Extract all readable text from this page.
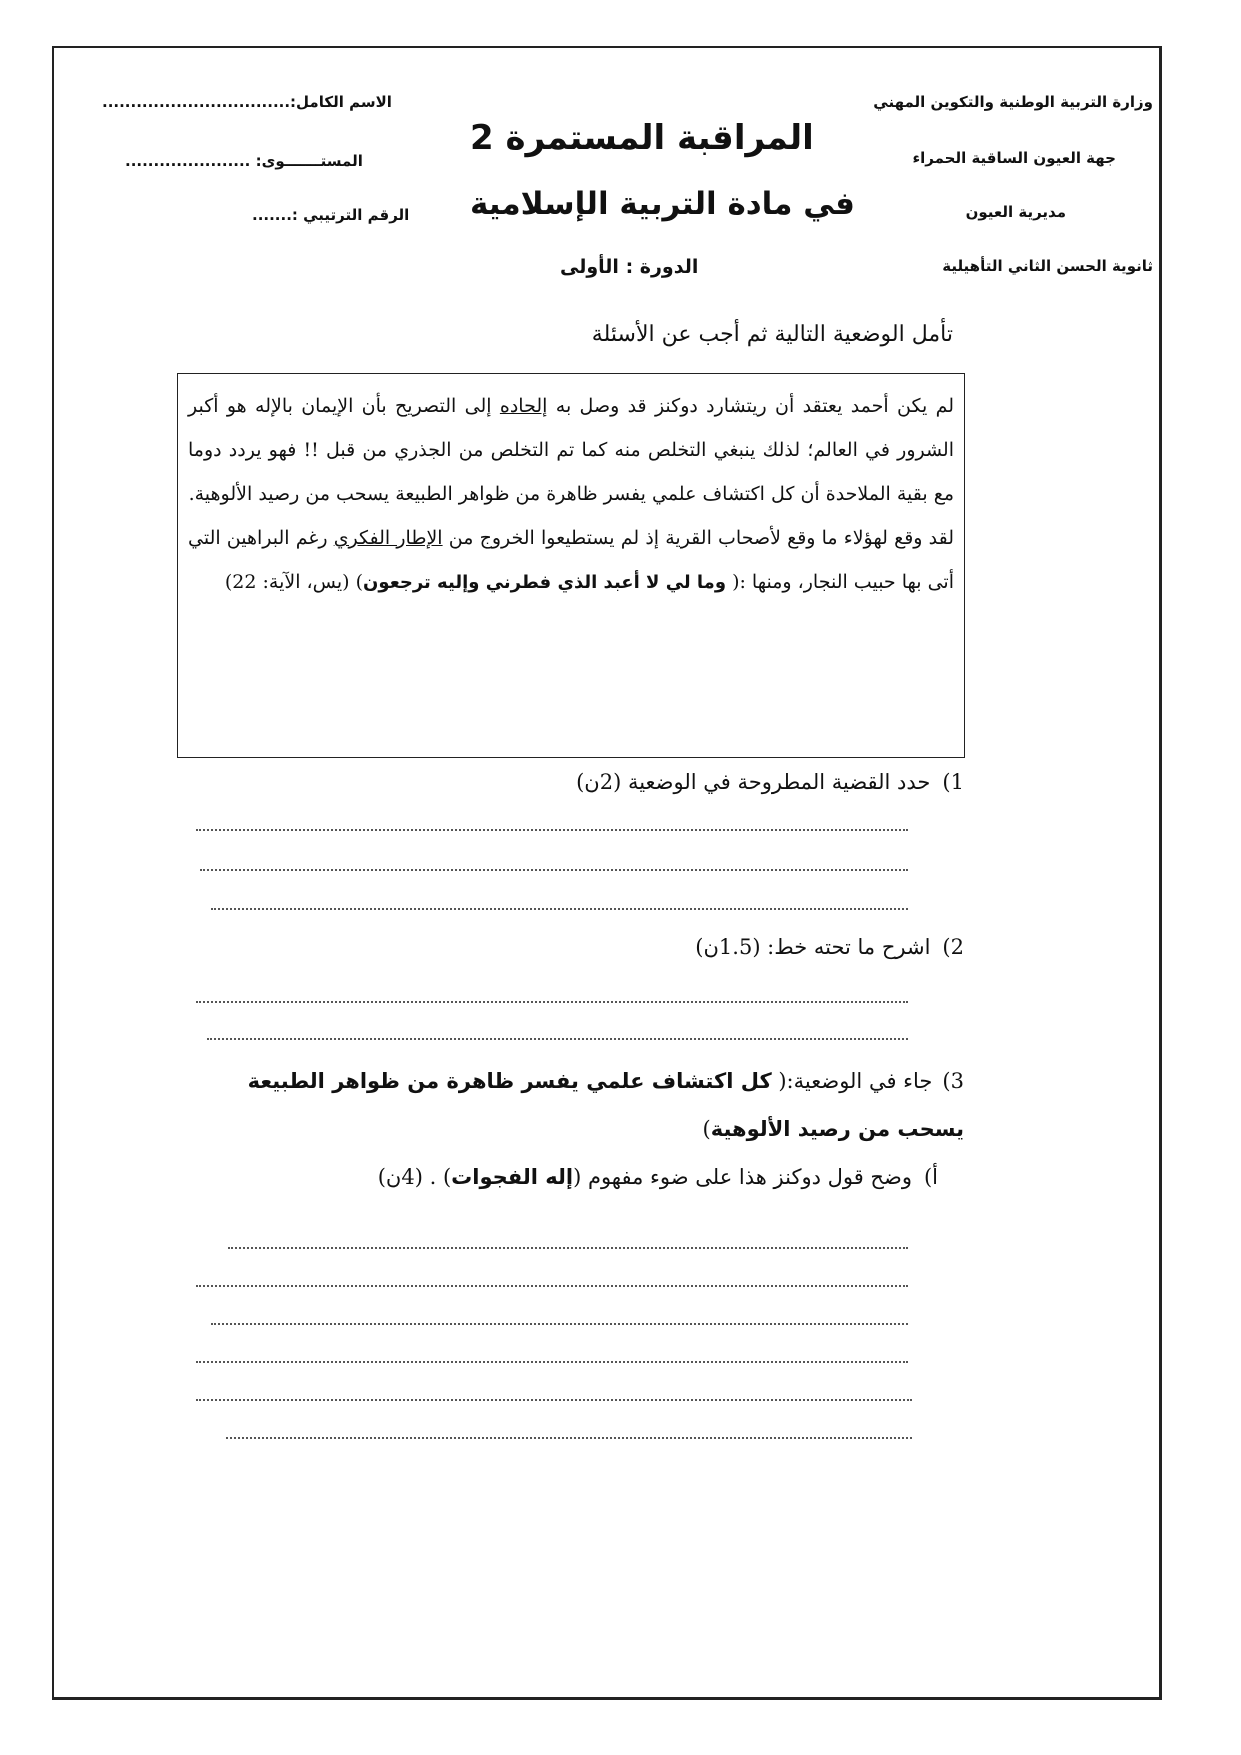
وزارة التربية الوطنية والتكوين المهني
جهة العيون الساقية الحمراء
مديرية العيون
ثانوية الحسن الثاني التأهيلية
الاسم الكامل:.................................
المستـــــــوى: ......................
الرقم الترتيبي :.......
المراقبة المستمرة 2
في مادة التربية الإسلامية
الدورة : الأولى
تأمل الوضعية التالية ثم أجب عن الأسئلة

لم يكن أحمد يعتقد أن ريتشارد دوكنز قد وصل به إلحاده إلى التصريح بأن الإيمان بالإله هو أكبر الشرور في العالم؛ لذلك ينبغي التخلص منه كما تم التخلص من الجذري من قبل !! فهو يردد دوما مع بقية الملاحدة أن كل اكتشاف علمي يفسر ظاهرة من ظواهر الطبيعة يسحب من رصيد الألوهية.

لقد وقع لهؤلاء ما وقع لأصحاب القرية إذ لم يستطيعوا الخروج من الإطار الفكري رغم البراهين التي أتى بها حبيب النجار، ومنها :( وما لي لا أعبد الذي فطرني وإليه ترجعون) (يس، الآية: 22)

1)حدد القضية المطروحة في الوضعية (2ن)
2)اشرح ما تحته خط: (1.5ن)
3)جاء في الوضعية:( كل اكتشاف علمي يفسر ظاهرة من ظواهر الطبيعة يسحب من رصيد الألوهية)
أ)وضح قول دوكنز هذا على ضوء مفهوم (إله الفجوات) . (4ن)
